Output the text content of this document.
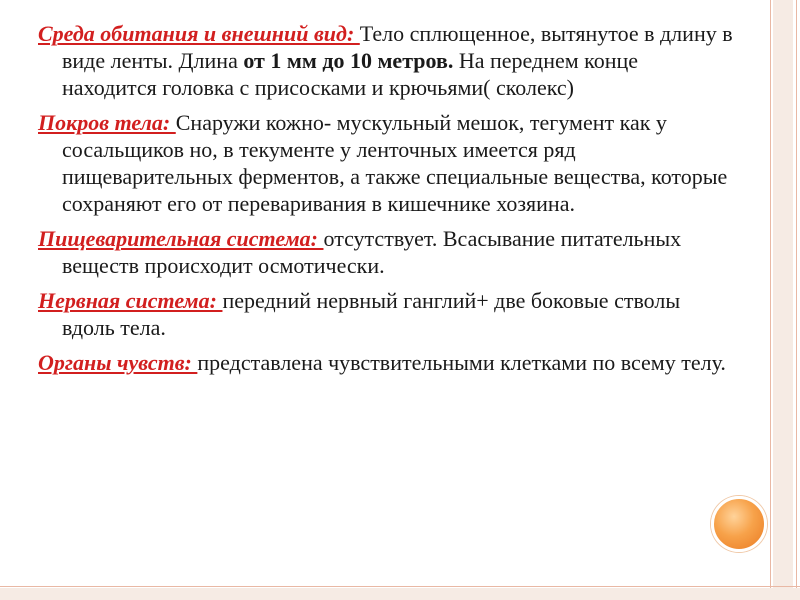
Среда обитания и внешний вид: Тело сплющенное, вытянутое в длину в виде ленты. Длина от 1 мм до 10 метров. На переднем конце находится головка с присосками и крючьями( сколекс)

Покров тела: Снаружи кожно- мускульный мешок, тегумент как у сосальщиков но, в текументе у ленточных имеется ряд пищеварительных ферментов, а также специальные вещества, которые сохраняют его от переваривания в кишечнике хозяина.

Пищеварительная система: отсутствует. Всасывание питательных веществ происходит осмотически.

Нервная система: передний нервный ганглий+ две боковые стволы вдоль тела.

Органы чувств: представлена чувствительными клетками по всему телу.
